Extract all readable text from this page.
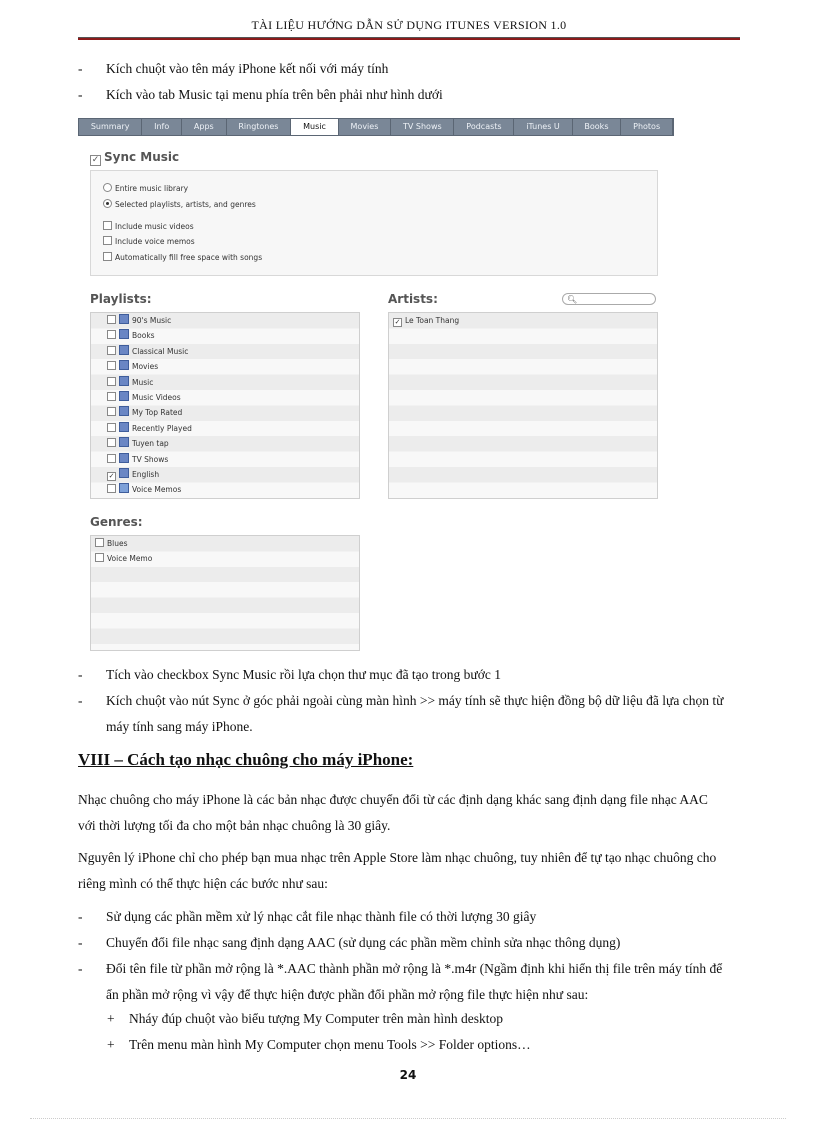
TÀI LIỆU HƯỚNG DẪN SỬ DỤNG ITUNES VERSION 1.0
-	Kích chuột vào tên máy iPhone kết nối với máy tính
-	Kích vào tab Music tại menu phía trên bên phải như hình dưới
Summary	Info	Apps	Ringtones	Music	Movies	TV Shows	Podcasts	iTunes U	Books	Photos
✓ Sync Music
Entire music library
Selected playlists, artists, and genres
Include music videos
Include voice memos
Automatically fill free space with songs
Playlists:	Artists:	🔍︎
90's Music
Books
Classical Music
Movies
Music
Music Videos
My Top Rated
Recently Played
Tuyen tap
TV Shows
✓ English
Voice Memos
✓ Le Toan Thang
Genres:
Blues
Voice Memo
-	Tích vào checkbox Sync Music rồi lựa chọn thư mục đã tạo trong bước 1
-	Kích chuột vào nút Sync ở góc phải ngoài cùng màn hình >> máy tính sẽ thực hiện đồng bộ dữ liệu đã lựa chọn từ máy tính sang máy iPhone.
VIII – Cách tạo nhạc chuông cho máy iPhone:
Nhạc chuông cho máy iPhone là các bản nhạc được chuyển đổi từ các định dạng khác sang định dạng file nhạc AAC với thời lượng tối đa cho một bản nhạc chuông là 30 giây.
Nguyên lý iPhone chỉ cho phép bạn mua nhạc trên Apple Store làm nhạc chuông, tuy nhiên để tự tạo nhạc chuông cho riêng mình có thể thực hiện các bước như sau:
-	Sử dụng các phần mềm xử lý nhạc cắt file nhạc thành file có thời lượng 30 giây
-	Chuyển đổi file nhạc sang định dạng AAC (sử dụng các phần mềm chỉnh sửa nhạc thông dụng)
-	Đổi tên file từ phần mở rộng là *.AAC thành phần mở rộng là *.m4r (Ngầm định khi hiển thị file trên máy tính để ẩn phần mở rộng vì vậy để thực hiện được phần đổi phần mở rộng file thực hiện như sau:
+	Nháy đúp chuột vào biểu tượng My Computer trên màn hình desktop
+	Trên menu màn hình My Computer chọn menu Tools >> Folder options…
24
